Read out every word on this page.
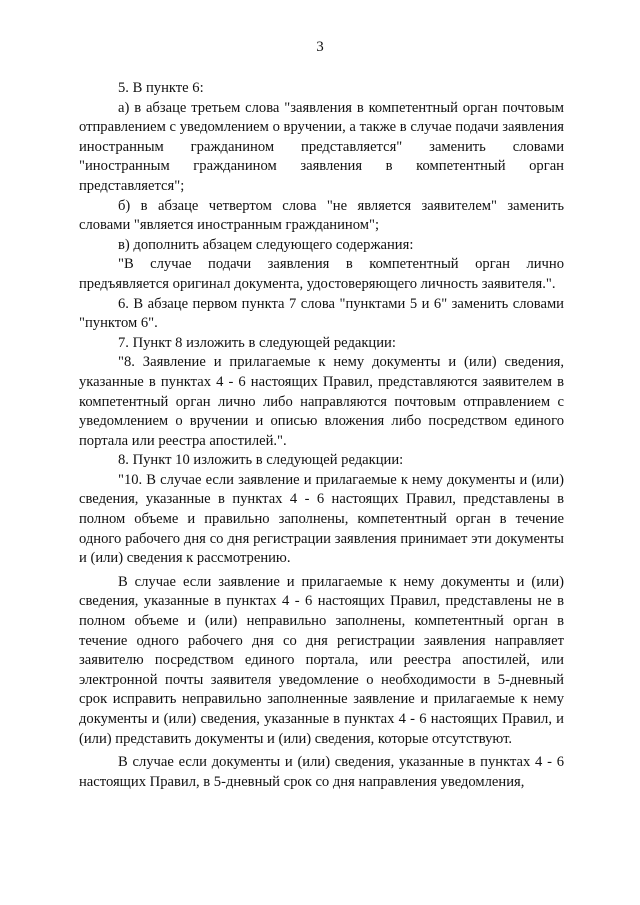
3

5. В пункте 6:

а) в абзаце третьем слова "заявления в компетентный орган почтовым отправлением с уведомлением о вручении, а также в случае подачи заявления иностранным гражданином представляется" заменить словами "иностранным гражданином заявления в компетентный орган представляется";

б) в абзаце четвертом слова "не является заявителем" заменить словами "является иностранным гражданином";

в) дополнить абзацем следующего содержания:

"В случае подачи заявления в компетентный орган лично предъявляется оригинал документа, удостоверяющего личность заявителя.".

6. В абзаце первом пункта 7 слова "пунктами 5 и 6" заменить словами "пунктом 6".

7. Пункт 8 изложить в следующей редакции:

"8. Заявление и прилагаемые к нему документы и (или) сведения, указанные в пунктах 4 - 6 настоящих Правил, представляются заявителем в компетентный орган лично либо направляются почтовым отправлением с уведомлением о вручении и описью вложения либо посредством единого портала или реестра апостилей.".

8. Пункт 10 изложить в следующей редакции:

"10. В случае если заявление и прилагаемые к нему документы и (или) сведения, указанные в пунктах 4 - 6 настоящих Правил, представлены в полном объеме и правильно заполнены, компетентный орган в течение одного рабочего дня со дня регистрации заявления принимает эти документы и (или) сведения к рассмотрению.

В случае если заявление и прилагаемые к нему документы и (или) сведения, указанные в пунктах 4 - 6 настоящих Правил, представлены не в полном объеме и (или) неправильно заполнены, компетентный орган в течение одного рабочего дня со дня регистрации заявления направляет заявителю посредством единого портала, или реестра апостилей, или электронной почты заявителя уведомление о необходимости в 5-дневный срок исправить неправильно заполненные заявление и прилагаемые к нему документы и (или) сведения, указанные в пунктах 4 - 6 настоящих Правил, и (или) представить документы и (или) сведения, которые отсутствуют.

В случае если документы и (или) сведения, указанные в пунктах 4 - 6 настоящих Правил, в 5-дневный срок со дня направления уведомления,
